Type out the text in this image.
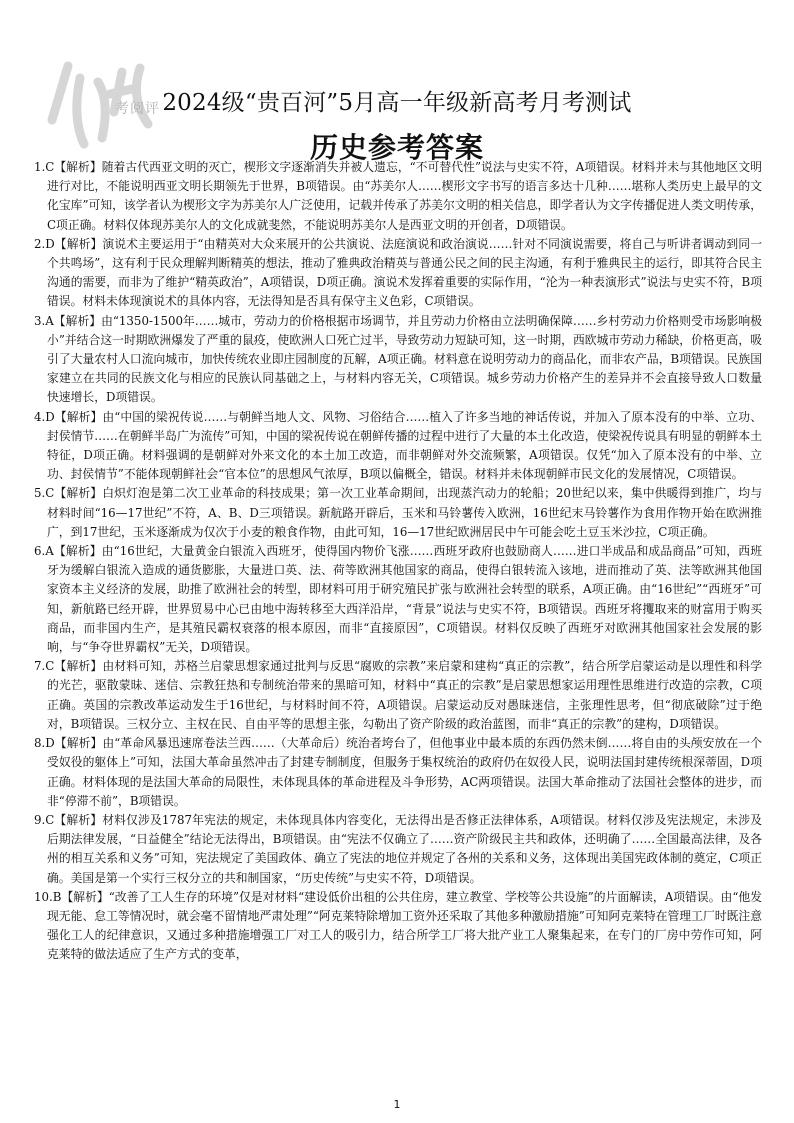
考阅评 2024级“贵百河”5月高一年级新高考月考测试
历史参考答案
1.C【解析】随着古代西亚文明的灭亡，楔形文字逐渐消失并被人遗忘，“不可替代性”说法与史实不符，A项错误。材料并未与其他地区文明进行对比，不能说明西亚文明长期领先于世界，B项错误。由“苏美尔人……楔形文字书写的语言多达十几种……堪称人类历史上最早的文化宝库”可知，该学者认为楔形文字为苏美尔人广泛使用，记载并传承了苏美尔文明的相关信息，即学者认为文字传播促进人类文明传承，C项正确。材料仅体现苏美尔人的文化成就斐然，不能说明苏美尔人是西亚文明的开创者，D项错误。
2.D【解析】演说术主要运用于“由精英对大众来展开的公共演说、法庭演说和政治演说……针对不同演说需要，将自己与听讲者调动到同一个共鸣场”，这有利于民众理解判断精英的想法，推动了雅典政治精英与普通公民之间的民主沟通，有利于雅典民主的运行，即其符合民主沟通的需要，而非为了维护“精英政治”，A项错误，D项正确。演说术发挥着重要的实际作用，“沦为一种表演形式”说法与史实不符，B项错误。材料未体现演说术的具体内容，无法得知是否具有保守主义色彩，C项错误。
3.A【解析】由“1350-1500年……城市，劳动力的价格根据市场调节，并且劳动力价格由立法明确保障……乡村劳动力价格则受市场影响极小”并结合这一时期欧洲爆发了严重的鼠疫，使欧洲人口死亡过半，导致劳动力短缺可知，这一时期，西欧城市劳动力稀缺，价格更高，吸引了大量农村人口流向城市，加快传统农业即庄园制度的瓦解，A项正确。材料意在说明劳动力的商品化，而非农产品，B项错误。民族国家建立在共同的民族文化与相应的民族认同基础之上，与材料内容无关，C项错误。城乡劳动力价格产生的差异并不会直接导致人口数量快速增长，D项错误。
4.D【解析】由“中国的梁祝传说……与朝鲜当地人文、风物、习俗结合……植入了许多当地的神话传说，并加入了原本没有的中举、立功、封侯情节……在朝鲜半岛广为流传”可知，中国的梁祝传说在朝鲜传播的过程中进行了大量的本土化改造，使梁祝传说具有明显的朝鲜本土特征，D项正确。材料强调的是朝鲜对外来文化的本土加工改造，而非朝鲜对外交流频繁，A项错误。仅凭“加入了原本没有的中举、立功、封侯情节”不能体现朝鲜社会“官本位”的思想风气浓厚，B项以偏概全，错误。材料并未体现朝鲜市民文化的发展情况，C项错误。
5.C【解析】白炽灯泡是第二次工业革命的科技成果；第一次工业革命期间，出现蒸汽动力的轮船；20世纪以来，集中供暖得到推广，均与材料时间“16—17世纪”不符，A、B、D三项错误。新航路开辟后，玉米和马铃薯传入欧洲，16世纪末马铃薯作为食用作物开始在欧洲推广，到17世纪，玉米逐渐成为仅次于小麦的粮食作物，由此可知，16—17世纪欧洲居民中午可能会吃土豆玉米沙拉，C项正确。
6.A【解析】由“16世纪，大量黄金白银流入西班牙，使得国内物价飞涨……西班牙政府也鼓励商人……进口半成品和成品商品”可知，西班牙为缓解白银流入造成的通货膨胀，大量进口英、法、荷等欧洲其他国家的商品，使得白银转流入该地，进而推动了英、法等欧洲其他国家资本主义经济的发展，助推了欧洲社会的转型，即材料可用于研究殖民扩张与欧洲社会转型的联系，A项正确。由“16世纪”“西班牙”可知，新航路已经开辟，世界贸易中心已由地中海转移至大西洋沿岸，“背景”说法与史实不符，B项错误。西班牙将攫取来的财富用于购买商品，而非国内生产，是其殖民霸权衰落的根本原因，而非“直接原因”，C项错误。材料仅反映了西班牙对欧洲其他国家社会发展的影响，与“争夺世界霸权”无关，D项错误。
7.C【解析】由材料可知，苏格兰启蒙思想家通过批判与反思“腐败的宗教”来启蒙和建构“真正的宗教”，结合所学启蒙运动是以理性和科学的光芒，驱散蒙昧、迷信、宗教狂热和专制统治带来的黑暗可知，材料中“真正的宗教”是启蒙思想家运用理性思维进行改造的宗教，C项正确。英国的宗教改革运动发生于16世纪，与材料时间不符，A项错误。启蒙运动反对愚昧迷信，主张理性思考，但“彻底破除”过于绝对，B项错误。三权分立、主权在民、自由平等的思想主张，勾勒出了资产阶级的政治蓝图，而非“真正的宗教”的建构，D项错误。
8.D【解析】由“革命风暴迅速席卷法兰西……（大革命后）统治者垮台了，但他事业中最本质的东西仍然未倒……将自由的头颅安放在一个受奴役的躯体上”可知，法国大革命虽然冲击了封建专制制度，但服务于集权统治的政府仍在奴役人民，说明法国封建传统根深蒂固，D项正确。材料体现的是法国大革命的局限性，未体现具体的革命进程及斗争形势，AC两项错误。法国大革命推动了法国社会整体的进步，而非“停滞不前”，B项错误。
9.C【解析】材料仅涉及1787年宪法的规定，未体现具体内容变化，无法得出是否修正法律体系，A项错误。材料仅涉及宪法规定，未涉及后期法律发展，“日益健全”结论无法得出，B项错误。由“宪法不仅确立了……资产阶级民主共和政体，还明确了……全国最高法律，及各州的相互关系和义务”可知，宪法规定了美国政体、确立了宪法的地位并规定了各州的关系和义务，这体现出美国宪政体制的奠定，C项正确。美国是第一个实行三权分立的共和制国家，“历史传统”与史实不符，D项错误。
10.B【解析】“改善了工人生存的环境”仅是对材料“建设低价出租的公共住房，建立教堂、学校等公共设施”的片面解读，A项错误。由“他发现无能、怠工等情况时，就会毫不留情地严肃处理”“阿克莱特除增加工资外还采取了其他多种激励措施”可知阿克莱特在管理工厂时既注意强化工人的纪律意识，又通过多种措施增强工厂对工人的吸引力，结合所学工厂将大批产业工人聚集起来，在专门的厂房中劳作可知，阿克莱特的做法适应了生产方式的变革，
1
